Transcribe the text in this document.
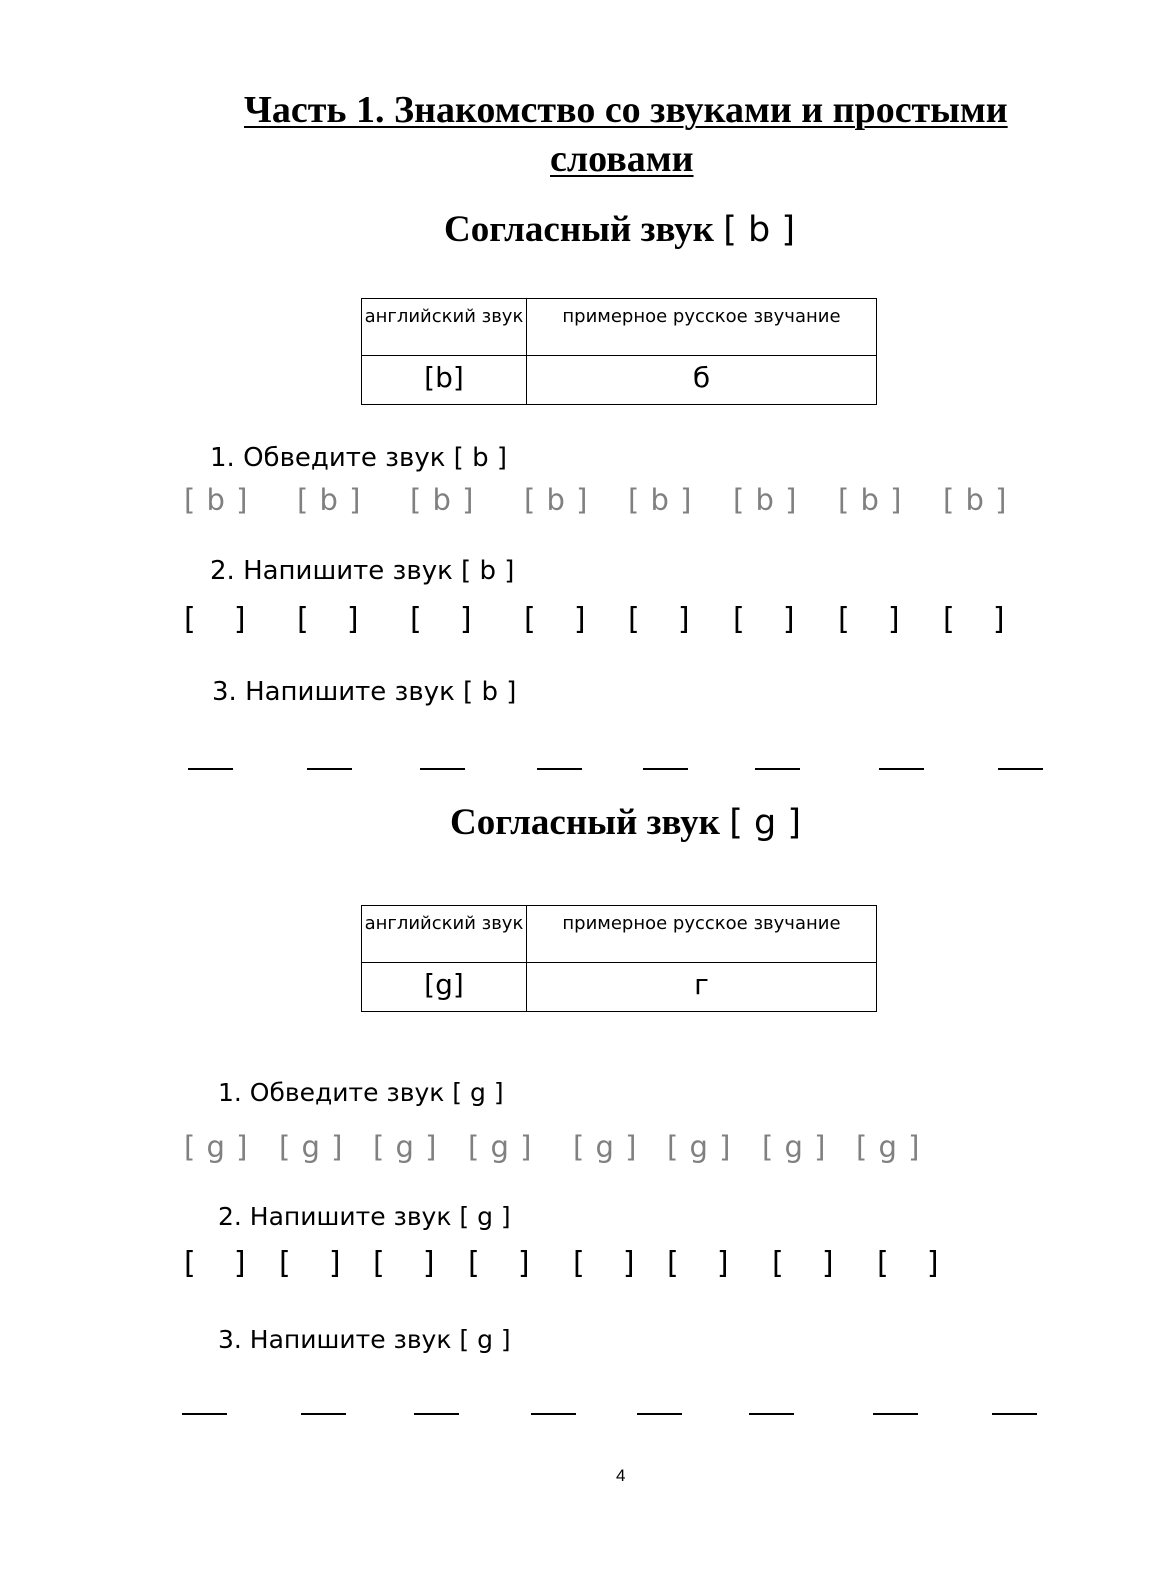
Часть 1. Знакомство со звуками и простыми
словами
Согласный звук [ b ]
английский звук	примерное русское звучание
[b]	б
1. Обведите звук [ b ]
[ b ] [ b ] [ b ] [ b ] [ b ] [ b ] [ b ] [ b ]
2. Напишите звук [ b ]
[    ] [    ] [    ] [    ] [    ] [    ] [    ] [    ]
3. Напишите звук [ b ]
Согласный звук [ g ]
английский звук	примерное русское звучание
[g]	г
1. Обведите звук [ g ]
[ g ] [ g ] [ g ] [ g ] [ g ] [ g ] [ g ] [ g ]
2. Напишите звук [ g ]
[    ] [    ] [    ] [    ] [    ] [    ] [    ] [    ]
3. Напишите звук [ g ]
4
